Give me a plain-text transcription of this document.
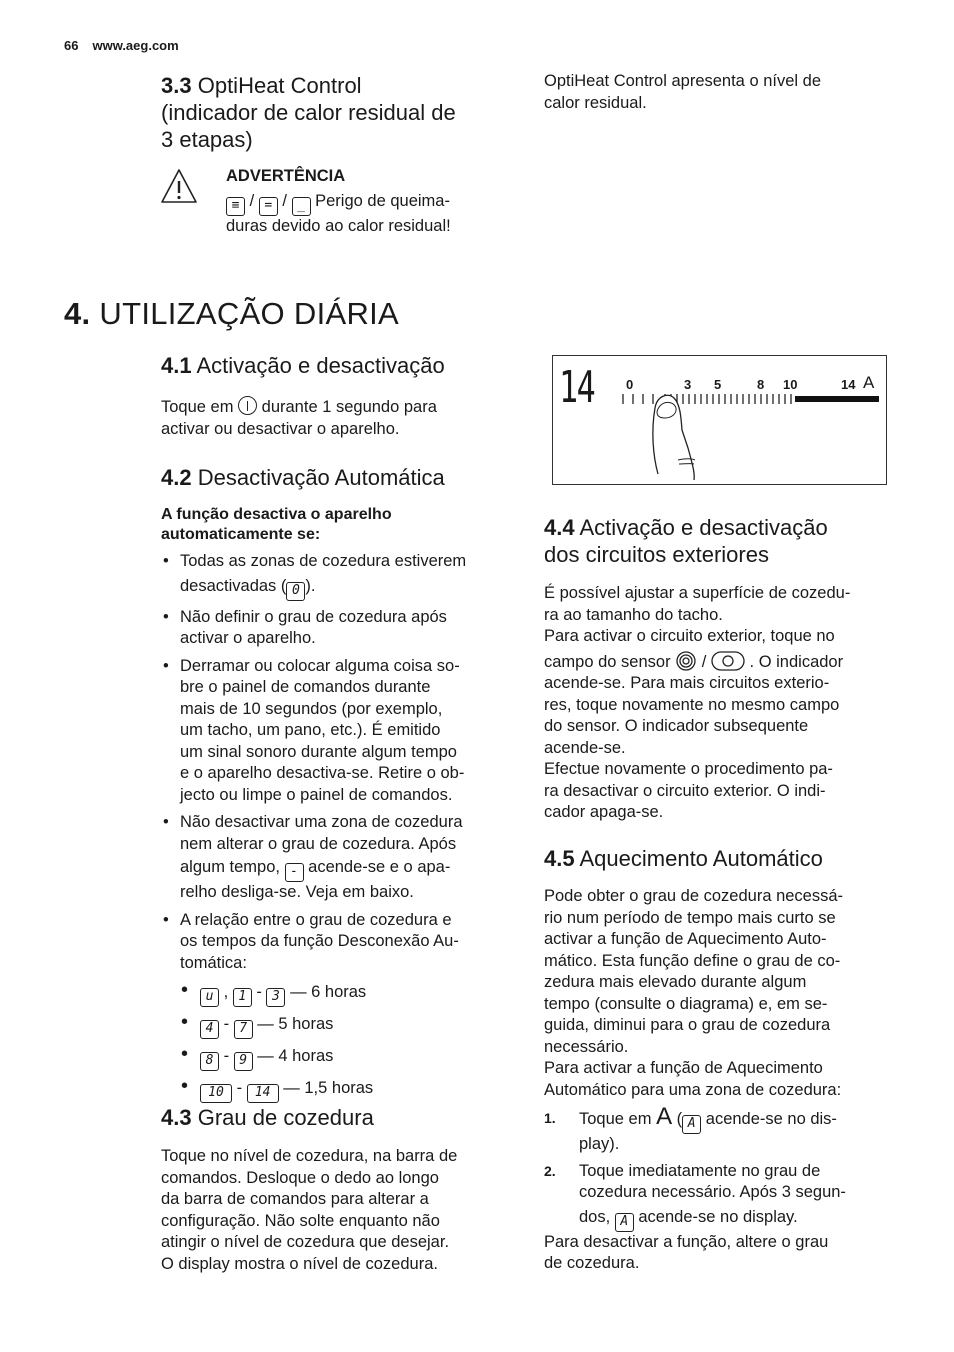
66 www.aeg.com
3.3 OptiHeat Control
(indicador de calor residual de
3 etapas)
ADVERTÊNCIA
≡ / = / _ Perigo de queima-
duras devido ao calor residual!
OptiHeat Control apresenta o nível de
calor residual.
4. UTILIZAÇÃO DIÁRIA
4.1 Activação e desactivação
Toque em durante 1 segundo para
activar ou desactivar o aparelho.
4.2 Desactivação Automática
A função desactiva o aparelho
automaticamente se:
• Todas as zonas de cozedura estiverem
desactivadas ( 0 ).
• Não definir o grau de cozedura após
activar o aparelho.
• Derramar ou colocar alguma coisa so-
bre o painel de comandos durante
mais de 10 segundos (por exemplo,
um tacho, um pano, etc.). É emitido
um sinal sonoro durante algum tempo
e o aparelho desactiva-se. Retire o ob-
jecto ou limpe o painel de comandos.
• Não desactivar uma zona de cozedura
nem alterar o grau de cozedura. Após
algum tempo, - acende-se e o apa-
relho desliga-se. Veja em baixo.
• A relação entre o grau de cozedura e
os tempos da função Desconexão Au-
tomática:
• u , 1 - 3 — 6 horas
• 4 - 7 — 5 horas
• 8 - 9 — 4 horas
• 10 - 14 — 1,5 horas
4.3 Grau de cozedura
Toque no nível de cozedura, na barra de
comandos. Desloque o dedo ao longo
da barra de comandos para alterar a
configuração. Não solte enquanto não
atingir o nível de cozedura que desejar.
O display mostra o nível de cozedura.
14 0	3 5	8 10	14 A
4.4 Activação e desactivação
dos circuitos exteriores
É possível ajustar a superfície de cozedu-
ra ao tamanho do tacho.
Para activar o circuito exterior, toque no
campo do sensor /	. O indicador
acende-se. Para mais circuitos exterio-
res, toque novamente no mesmo campo
do sensor. O indicador subsequente
acende-se.
Efectue novamente o procedimento pa-
ra desactivar o circuito exterior. O indi-
cador apaga-se.
4.5 Aquecimento Automático
Pode obter o grau de cozedura necessá-
rio num período de tempo mais curto se
activar a função de Aquecimento Auto-
mático. Esta função define o grau de co-
zedura mais elevado durante algum
tempo (consulte o diagrama) e, em se-
guida, diminui para o grau de cozedura
necessário.
Para activar a função de Aquecimento
Automático para uma zona de cozedura:
1. Toque em A ( A acende-se no dis-
play).
2. Toque imediatamente no grau de
cozedura necessário. Após 3 segun-
dos, A acende-se no display.
Para desactivar a função, altere o grau
de cozedura.
